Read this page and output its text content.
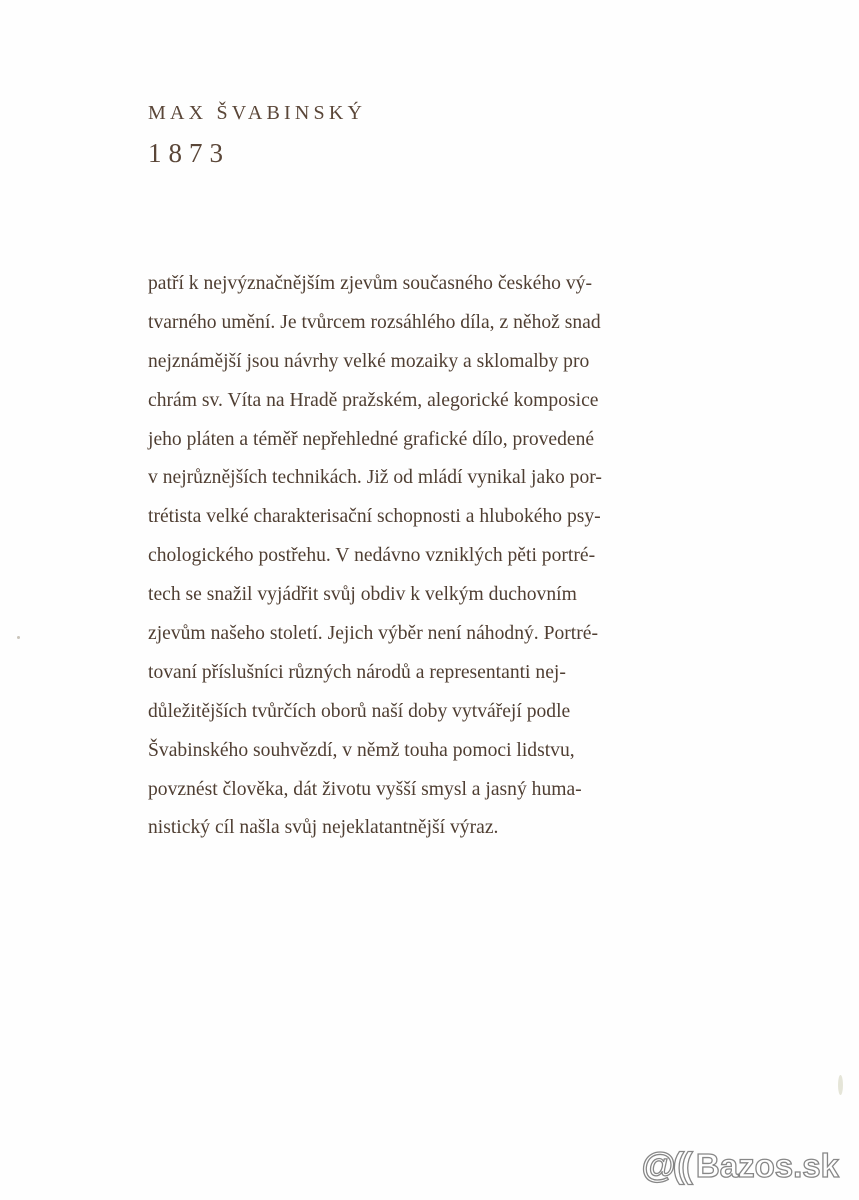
MAX ŠVABINSKÝ
1873
patří k nejvýznačnějším zjevům současného českého vý-
tvarného umění. Je tvůrcem rozsáhlého díla, z něhož snad
nejznámější jsou návrhy velké mozaiky a sklomalby pro
chrám sv. Víta na Hradě pražském, alegorické komposice
jeho pláten a téměř nepřehledné grafické dílo, provedené
v nejrůznějších technikách. Již od mládí vynikal jako por-
trétista velké charakterisační schopnosti a hlubokého psy-
chologického postřehu. V nedávno vzniklých pěti portré-
tech se snažil vyjádřit svůj obdiv k velkým duchovním
zjevům našeho století. Jejich výběr není náhodný. Portré-
tovaní příslušníci různých národů a representanti nej-
důležitějších tvůrčích oborů naší doby vytvářejí podle
Švabinského souhvězdí, v němž touha pomoci lidstvu,
povznést člověka, dát životu vyšší smysl a jasný huma-
nistický cíl našla svůj nejeklatantnější výraz.
@(( Bazos.sk
